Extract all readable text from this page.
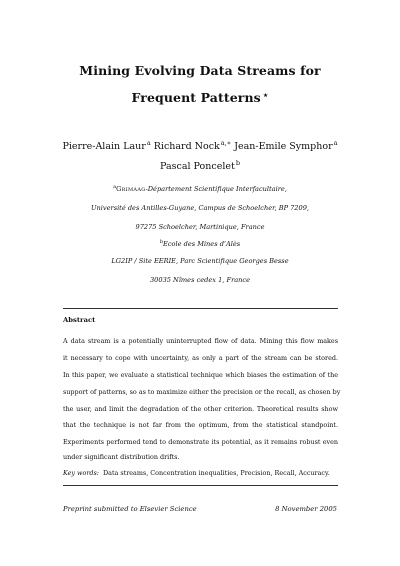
Mining Evolving Data Streams for
Frequent Patterns ⋆
Pierre-Alain Laur$^a$ Richard Nock$^{a,∗}$ Jean-Emile Symphor$^a$
Pascal Poncelet$^b$
$^a$Grimaag-Département Scientifique Interfacultaire,
Université des Antilles-Guyane, Campus de Schoelcher, BP 7209,
97275 Schoelcher, Martinique, France
$^b$Ecole des Mines d’Alès
LG2IP / Site EERIE, Parc Scientifique Georges Besse
30035 Nîmes cedex 1, France
Abstract
A data stream is a potentially uninterrupted flow of data. Mining this flow makes
it necessary to cope with uncertainty, as only a part of the stream can be stored.
In this paper, we evaluate a statistical technique which biases the estimation of the
support of patterns, so as to maximize either the precision or the recall, as chosen by
the user, and limit the degradation of the other criterion. Theoretical results show
that the technique is not far from the optimum, from the statistical standpoint.
Experiments performed tend to demonstrate its potential, as it remains robust even
under significant distribution drifts.
Key words: Data streams, Concentration inequalities, Precision, Recall, Accuracy.
Preprint submitted to Elsevier Science	8 November 2005
